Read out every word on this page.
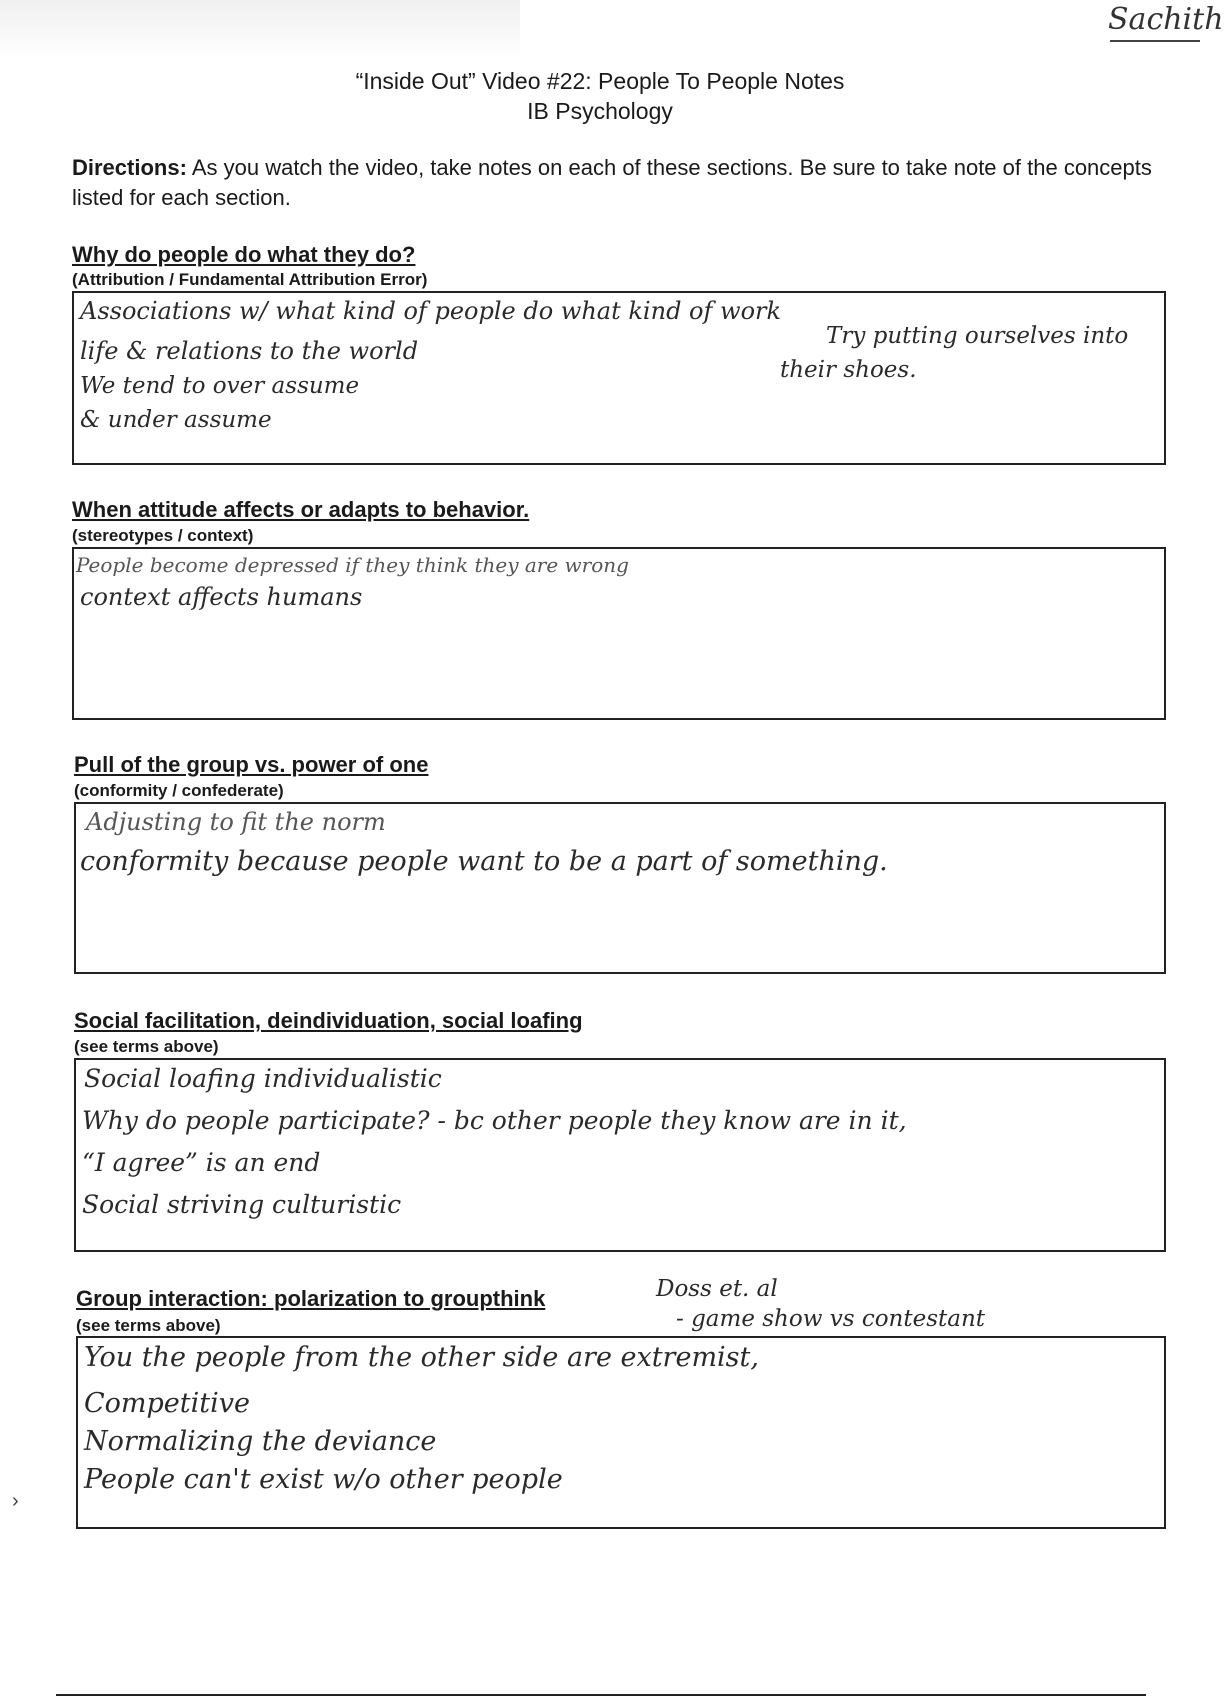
Sachith
“Inside Out” Video #22: People To People Notes
IB Psychology
Directions: As you watch the video, take notes on each of these sections. Be sure to take note of the concepts listed for each section.
Why do people do what they do?
(Attribution / Fundamental Attribution Error)
Associations w/ what kind of people do what kind of work
life & relations to the world
We tend to over assume
& under assume
Try putting ourselves into
their shoes.
When attitude affects or adapts to behavior.
(stereotypes / context)
People become depressed if they think they are wrong
context affects humans
Pull of the group vs. power of one
(conformity / confederate)
Adjusting to fit the norm
conformity because people want to be a part of something.
Social facilitation, deindividuation, social loafing
(see terms above)
Social loafing individualistic
Why do people participate? - bc other people they know are in it,
“I agree” is an end
Social striving culturistic
Group interaction: polarization to groupthink
(see terms above)
Doss et. al
- game show vs contestant
You the people from the other side are extremist,
Competitive
Normalizing the deviance
People can't exist w/o other people
›
